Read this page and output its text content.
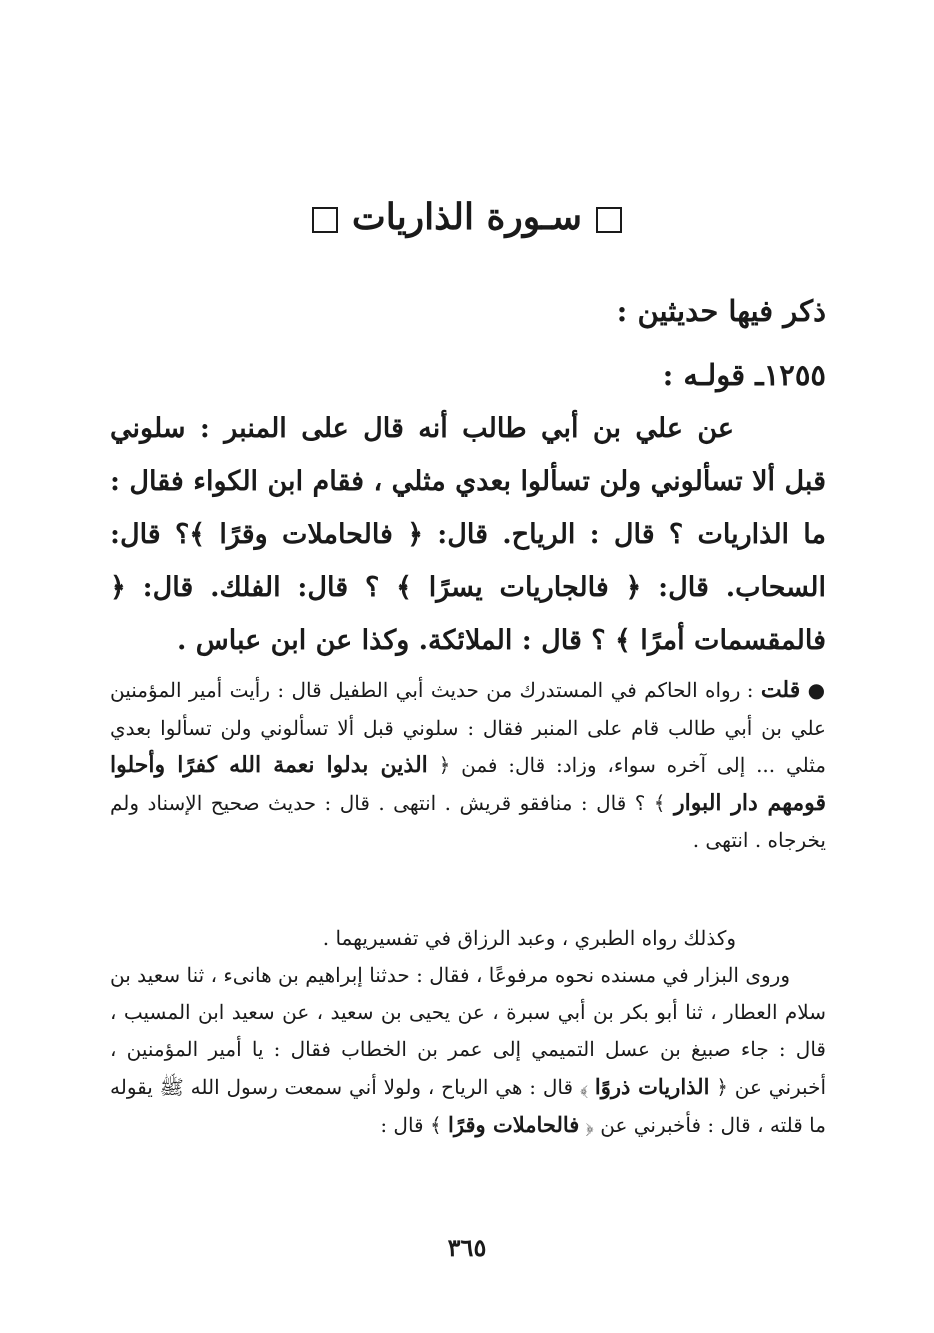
سـورة الذاريات
ذكر فيها حديثين :
١٢٥٥ـ قولـه :
عن علي بن أبي طالب أنه قال على المنبر : سلوني قبل ألا تسألوني ولن تسألوا بعدي مثلي ، فقام ابن الكواء فقال : ما الذاريات ؟ قال : الرياح. قال: ﴿ فالحاملات وقرًا ﴾؟ قال: السحاب. قال: ﴿ فالجاريات يسرًا ﴾ ؟ قال: الفلك. قال: ﴿ فالمقسمات أمرًا ﴾ ؟ قال : الملائكة. وكذا عن ابن عباس .
● قلت : رواه الحاكم في المستدرك من حديث أبي الطفيل قال : رأيت أمير المؤمنين علي بن أبي طالب قام على المنبر فقال : سلوني قبل ألا تسألوني ولن تسألوا بعدي مثلي ... إلى آخره سواء، وزاد: قال: فمن ﴿ الذين بدلوا نعمة الله كفرًا وأحلوا قومهم دار البوار ﴾ ؟ قال : منافقو قريش . انتهى . قال : حديث صحيح الإسناد ولم يخرجاه . انتهى .

وكذلك رواه الطبري ، وعبد الرزاق في تفسيريهما .

وروى البزار في مسنده نحوه مرفوعًا ، فقال : حدثنا إبراهيم بن هانىء ، ثنا سعيد بن سلام العطار ، ثنا أبو بكر بن أبي سبرة ، عن يحيى بن سعيد ، عن سعيد ابن المسيب ، قال : جاء صبيغ بن عسل التميمي إلى عمر بن الخطاب فقال : يا أمير المؤمنين ، أخبرني عن ﴿ الذاريات ذروًا ﴾ قال : هي الرياح ، ولولا أني سمعت رسول الله ﷺ يقوله ما قلته ، قال : فأخبرني عن ﴿ فالحاملات وقرًا ﴾ قال :

٣٦٥
